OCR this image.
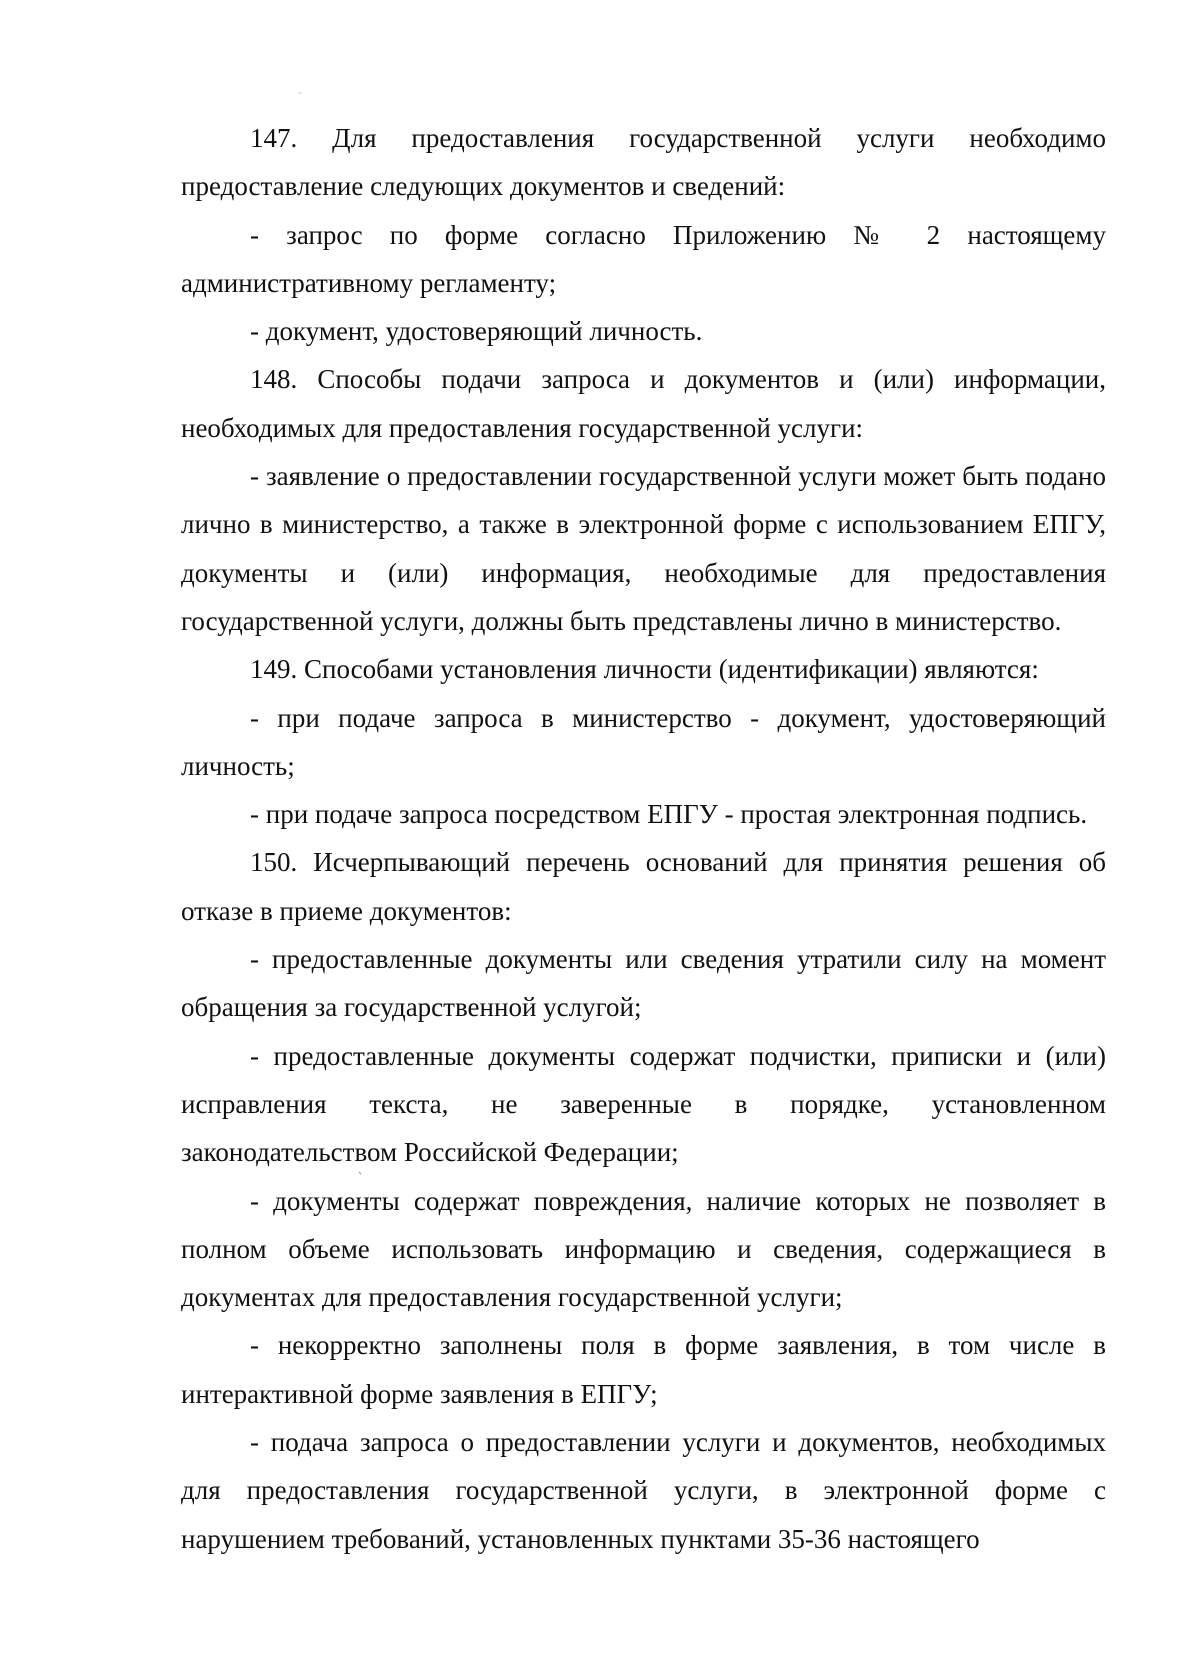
147. Для предоставления государственной услуги необходимо предоставление следующих документов и сведений:

- запрос по форме согласно Приложению № 2 настоящему административному регламенту;

- документ, удостоверяющий личность.

148. Способы подачи запроса и документов и (или) информации, необходимых для предоставления государственной услуги:

- заявление о предоставлении государственной услуги может быть подано лично в министерство, а также в электронной форме с использованием ЕПГУ, документы и (или) информация, необходимые для предоставления государственной услуги, должны быть представлены лично в министерство.

149. Способами установления личности (идентификации) являются:

- при подаче запроса в министерство - документ, удостоверяющий личность;

- при подаче запроса посредством ЕПГУ - простая электронная подпись.

150. Исчерпывающий перечень оснований для принятия решения об отказе в приеме документов:

- предоставленные документы или сведения утратили силу на момент обращения за государственной услугой;

- предоставленные документы содержат подчистки, приписки и (или) исправления текста, не заверенные в порядке, установленном законодательством Российской Федерации;

- документы содержат повреждения, наличие которых не позволяет в полном объеме использовать информацию и сведения, содержащиеся в документах для предоставления государственной услуги;

- некорректно заполнены поля в форме заявления, в том числе в интерактивной форме заявления в ЕПГУ;

- подача запроса о предоставлении услуги и документов, необходимых для предоставления государственной услуги, в электронной форме с нарушением требований, установленных пунктами 35-36 настоящего
